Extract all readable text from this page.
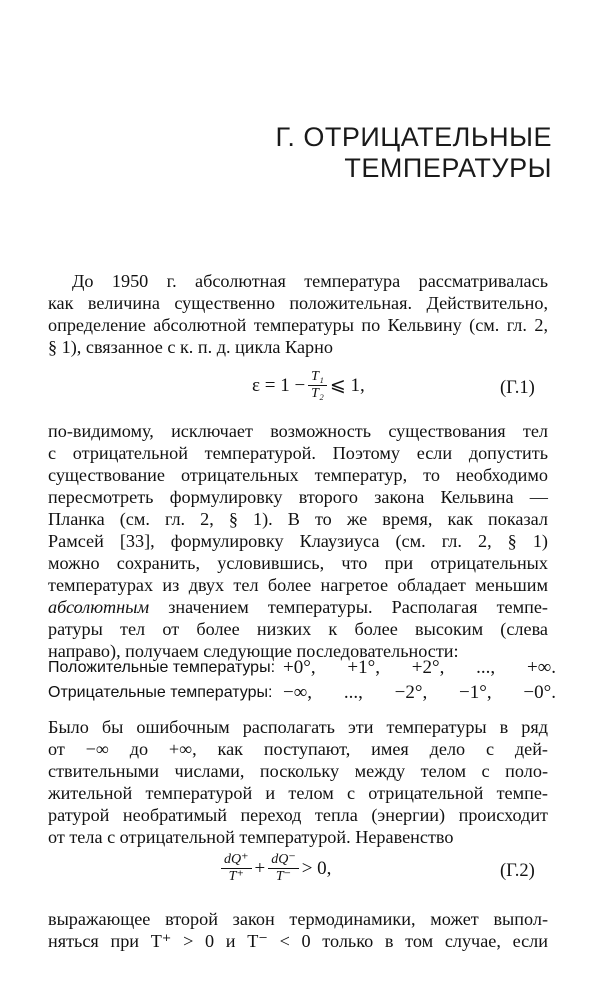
Г. ОТРИЦАТЕЛЬНЫЕ
ТЕМПЕРАТУРЫ
До 1950 г. абсолютная температура рассматривалась
как величина существенно положительная. Действительно,
определение абсолютной температуры по Кельвину (см. гл. 2,
§ 1), связанное с к. п. д. цикла Карно
$\varepsilon = 1 - \frac{\text{T₁}}{\text{T₂}}$ ⩽ 1,	(Г.1)
по-видимому, исключает возможность существования тел
с отрицательной температурой. Поэтому если допустить
существование отрицательных температур, то необходимо
пересмотреть формулировку второго закона Кельвина —
Планка (см. гл. 2, § 1). В то же время, как показал
Рамсей [33], формулировку Клаузиуса (см. гл. 2, § 1)
можно сохранить, условившись, что при отрицательных
температурах из двух тел более нагретое обладает меньшим
абсолютным значением температуры. Располагая темпе-
ратуры тел от более низких к более высоким (слева
направо), получаем следующие последовательности:
Положительные температуры: +0°, +1°, +2°, ..., +∞.
Отрицательные температуры: −∞, ..., −2°, −1°, −0°.
Было бы ошибочным располагать эти температуры в ряд
от −∞ до +∞, как поступают, имея дело с дей-
ствительными числами, поскольку между телом с поло-
жительной температурой и телом с отрицательной темпе-
ратурой необратимый переход тепла (энергии) происходит
от тела с отрицательной температурой. Неравенство
$\frac{dQ^+}{T^+} + \frac{dQ^-}{T^-} > 0$,	(Г.2)
выражающее второй закон термодинамики, может выпол-
няться при T⁺ > 0 и T⁻ < 0 только в том случае, если
